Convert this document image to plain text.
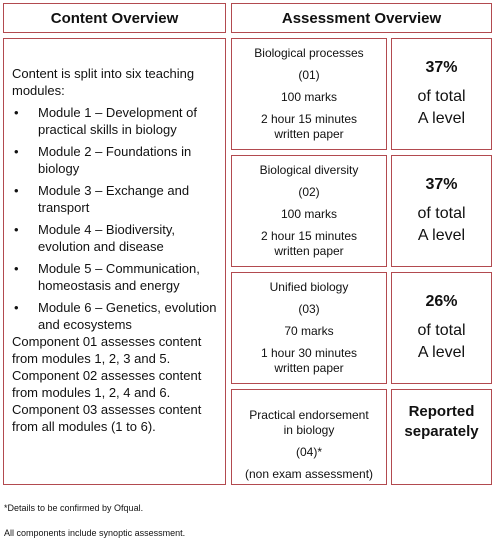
Content Overview	Assessment Overview

Content is split into six teaching modules:

• Module 1 – Development of practical skills in biology
• Module 2 – Foundations in biology
• Module 3 – Exchange and transport
• Module 4 – Biodiversity, evolution and disease
• Module 5 – Communication, homeostasis and energy
• Module 6 – Genetics, evolution and ecosystems

Component 01 assesses content from modules 1, 2, 3 and 5.

Component 02 assesses content from modules 1, 2, 4 and 6.

Component 03 assesses content from all modules (1 to 6).

Biological processes
(01)
100 marks
2 hour 15 minutes
written paper
37%
of total
A level
Biological diversity
(02)
100 marks
2 hour 15 minutes
written paper
37%
of total
A level
Unified biology
(03)
70 marks
1 hour 30 minutes
written paper
26%
of total
A level
Practical endorsement
in biology
(04)*
(non exam assessment)
Reported
separately
*Details to be confirmed by Ofqual.
All components include synoptic assessment.
